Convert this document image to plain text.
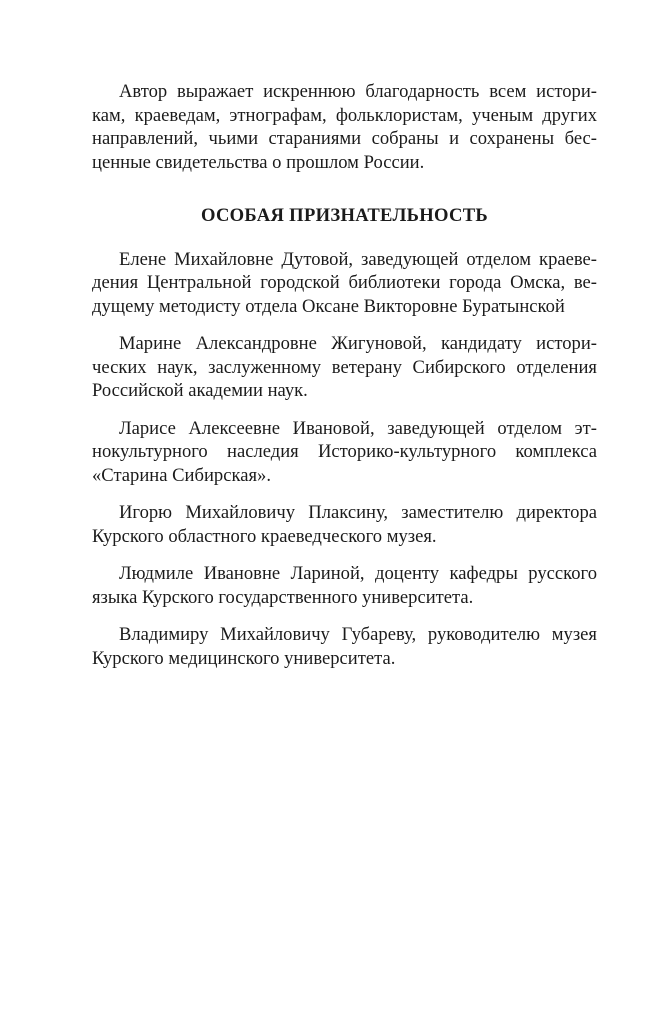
Автор выражает искреннюю благодарность всем истори-
кам, краеведам, этнографам, фольклористам, ученым других
направлений, чьими стараниями собраны и сохранены бес-
ценные свидетельства о прошлом России.
ОСОБАЯ ПРИЗНАТЕЛЬНОСТЬ
Елене Михайловне Дутовой, заведующей отделом краеве-
дения Центральной городской библиотеки города Омска, ве-
дущему методисту отдела Оксане Викторовне Буратынской
Марине Александровне Жигуновой, кандидату истори-
ческих наук, заслуженному ветерану Сибирского отделения
Российской академии наук.
Ларисе Алексеевне Ивановой, заведующей отделом эт-
нокультурного наследия Историко-культурного комплекса
«Старина Сибирская».
Игорю Михайловичу Плаксину, заместителю директора
Курского областного краеведческого музея.
Людмиле Ивановне Лариной, доценту кафедры русского
языка Курского государственного университета.
Владимиру Михайловичу Губареву, руководителю музея
Курского медицинского университета.
